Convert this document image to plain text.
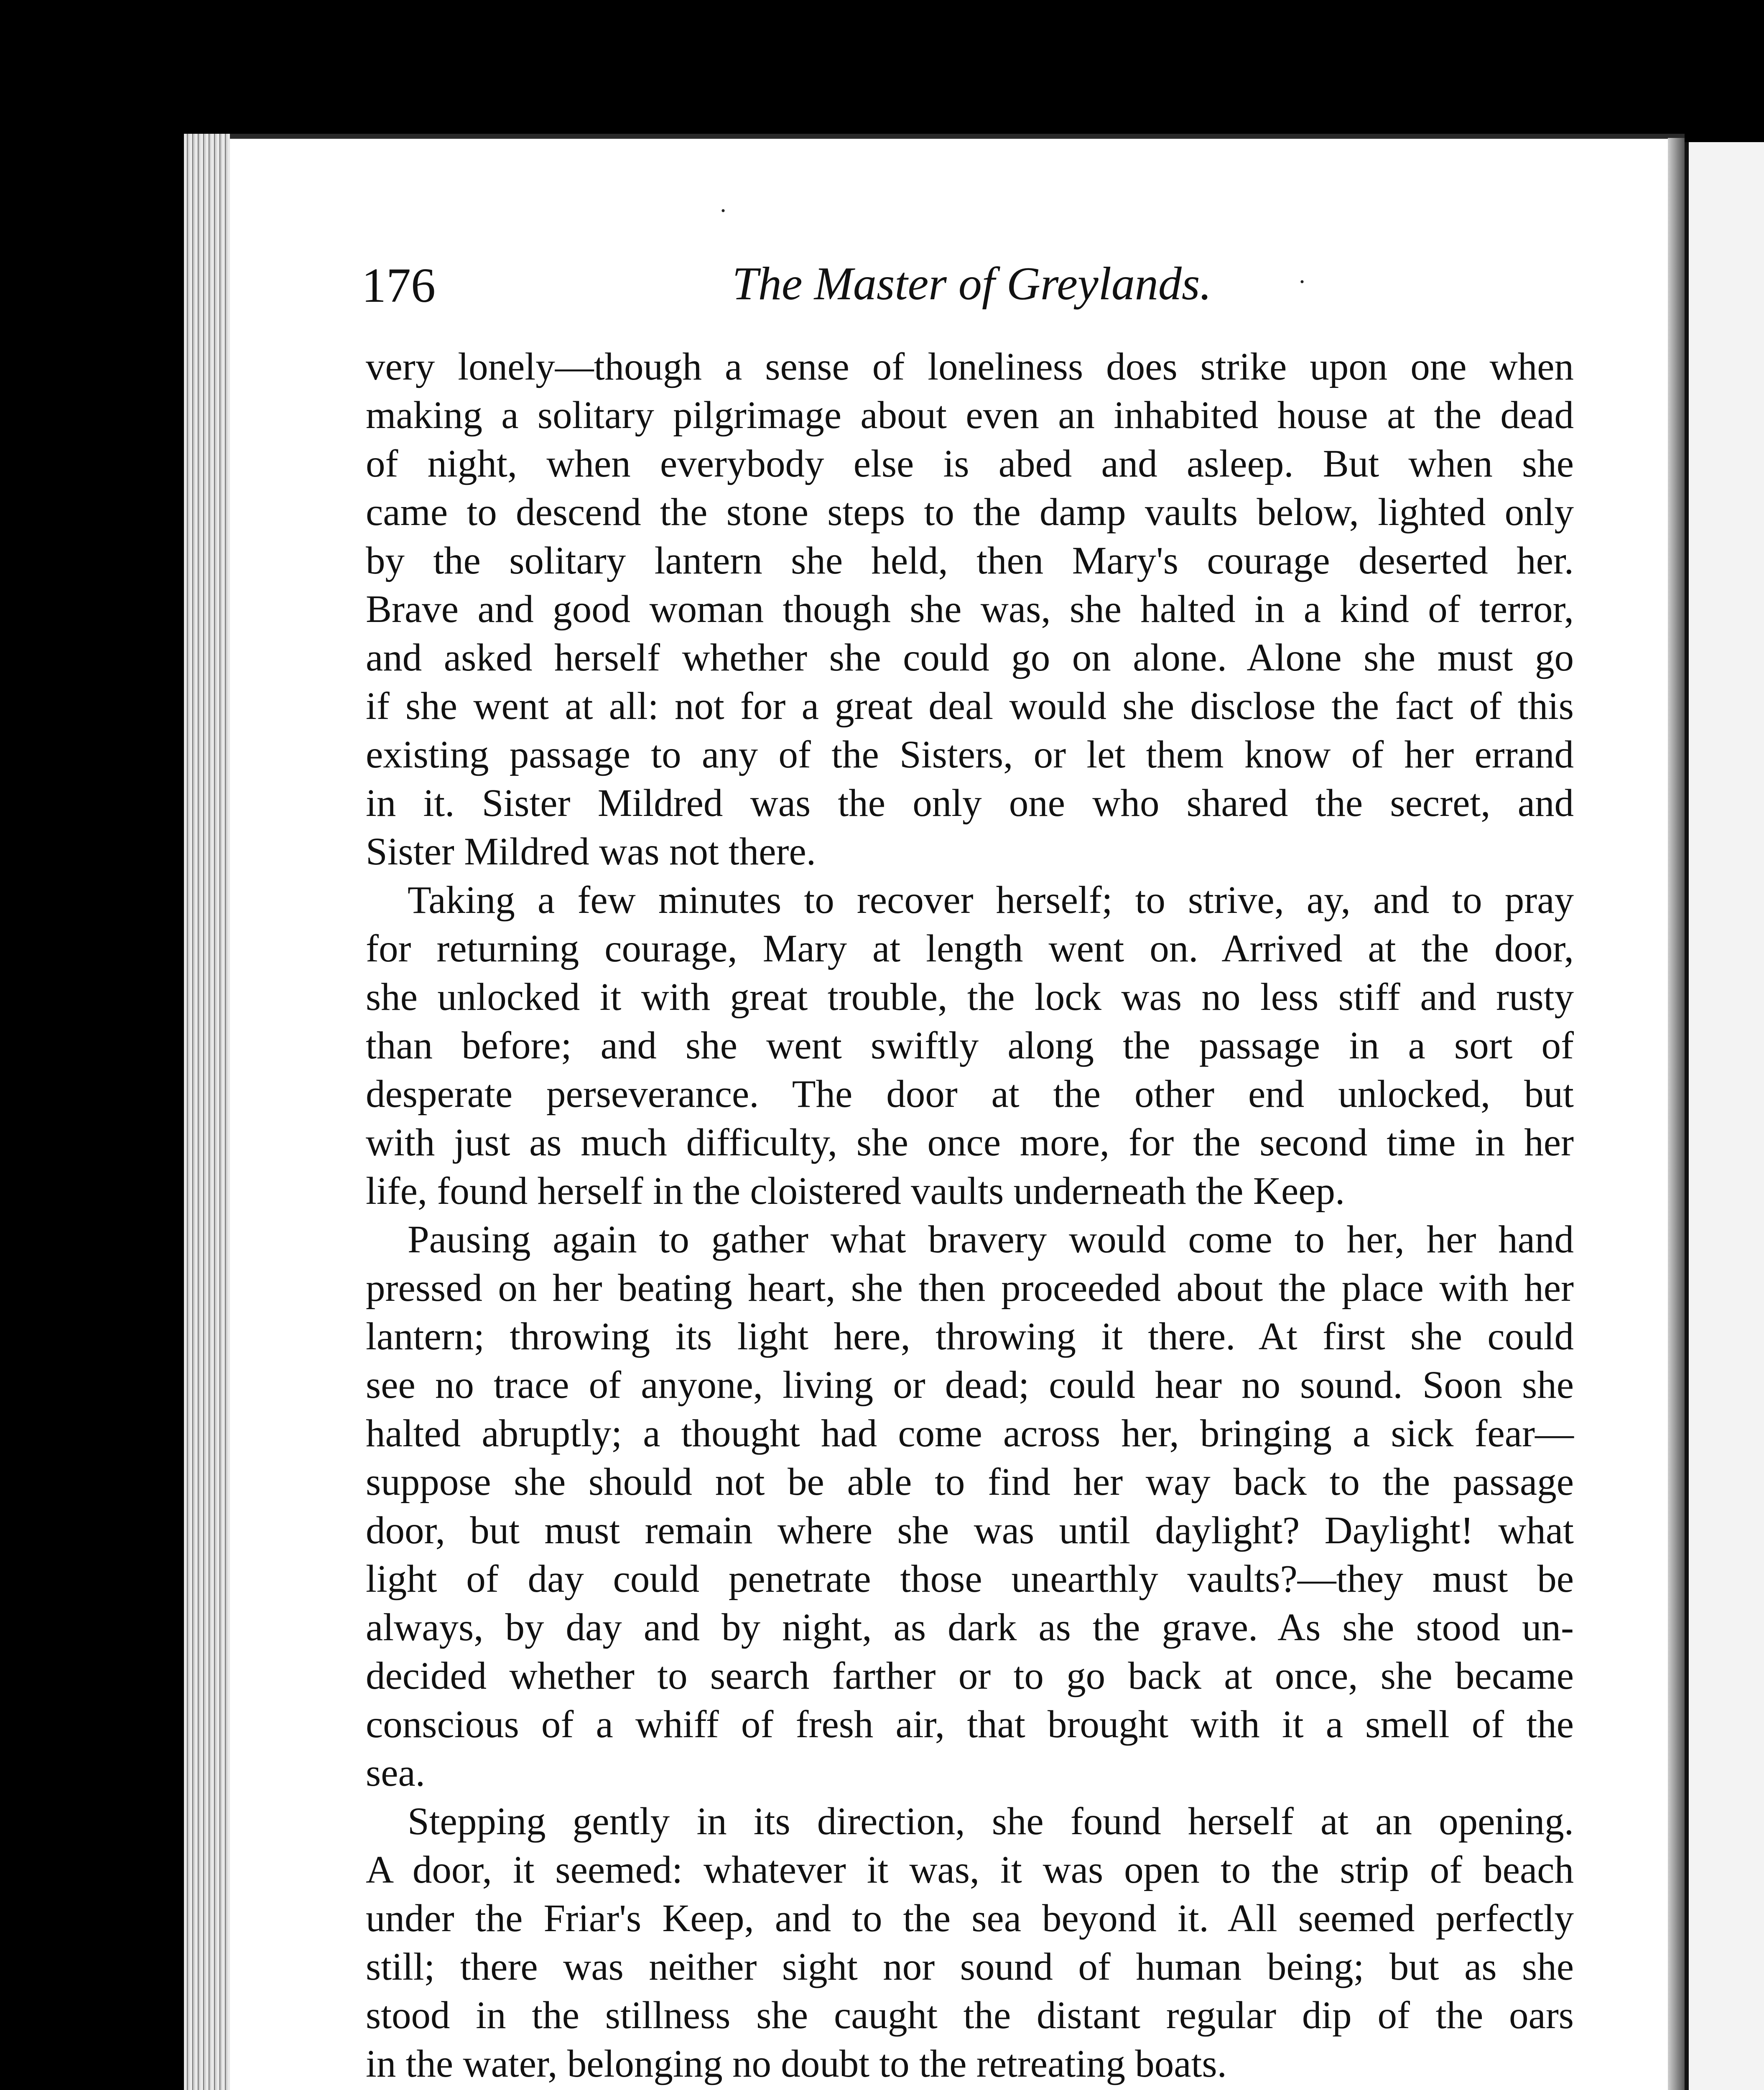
176	The Master of Greylands.	·
·
very lonely—though a sense of loneliness does strike upon one when
making a solitary pilgrimage about even an inhabited house at the dead
of night, when everybody else is abed and asleep. But when she
came to descend the stone steps to the damp vaults below, lighted only
by the solitary lantern she held, then Mary's courage deserted her.
Brave and good woman though she was, she halted in a kind of terror,
and asked herself whether she could go on alone. Alone she must go
if she went at all: not for a great deal would she disclose the fact of this
existing passage to any of the Sisters, or let them know of her errand
in it. Sister Mildred was the only one who shared the secret, and
Sister Mildred was not there.
Taking a few minutes to recover herself; to strive, ay, and to pray
for returning courage, Mary at length went on. Arrived at the door,
she unlocked it with great trouble, the lock was no less stiff and rusty
than before; and she went swiftly along the passage in a sort of
desperate perseverance. The door at the other end unlocked, but
with just as much difficulty, she once more, for the second time in her
life, found herself in the cloistered vaults underneath the Keep.
Pausing again to gather what bravery would come to her, her hand
pressed on her beating heart, she then proceeded about the place with her
lantern; throwing its light here, throwing it there. At first she could
see no trace of anyone, living or dead; could hear no sound. Soon she
halted abruptly; a thought had come across her, bringing a sick fear—
suppose she should not be able to find her way back to the passage
door, but must remain where she was until daylight? Daylight! what
light of day could penetrate those unearthly vaults?—they must be
always, by day and by night, as dark as the grave. As she stood un-
decided whether to search farther or to go back at once, she became
conscious of a whiff of fresh air, that brought with it a smell of the
sea.
Stepping gently in its direction, she found herself at an opening.
A door, it seemed: whatever it was, it was open to the strip of beach
under the Friar's Keep, and to the sea beyond it. All seemed perfectly
still; there was neither sight nor sound of human being; but as she
stood in the stillness she caught the distant regular dip of the oars
in the water, belonging no doubt to the retreating boats.
